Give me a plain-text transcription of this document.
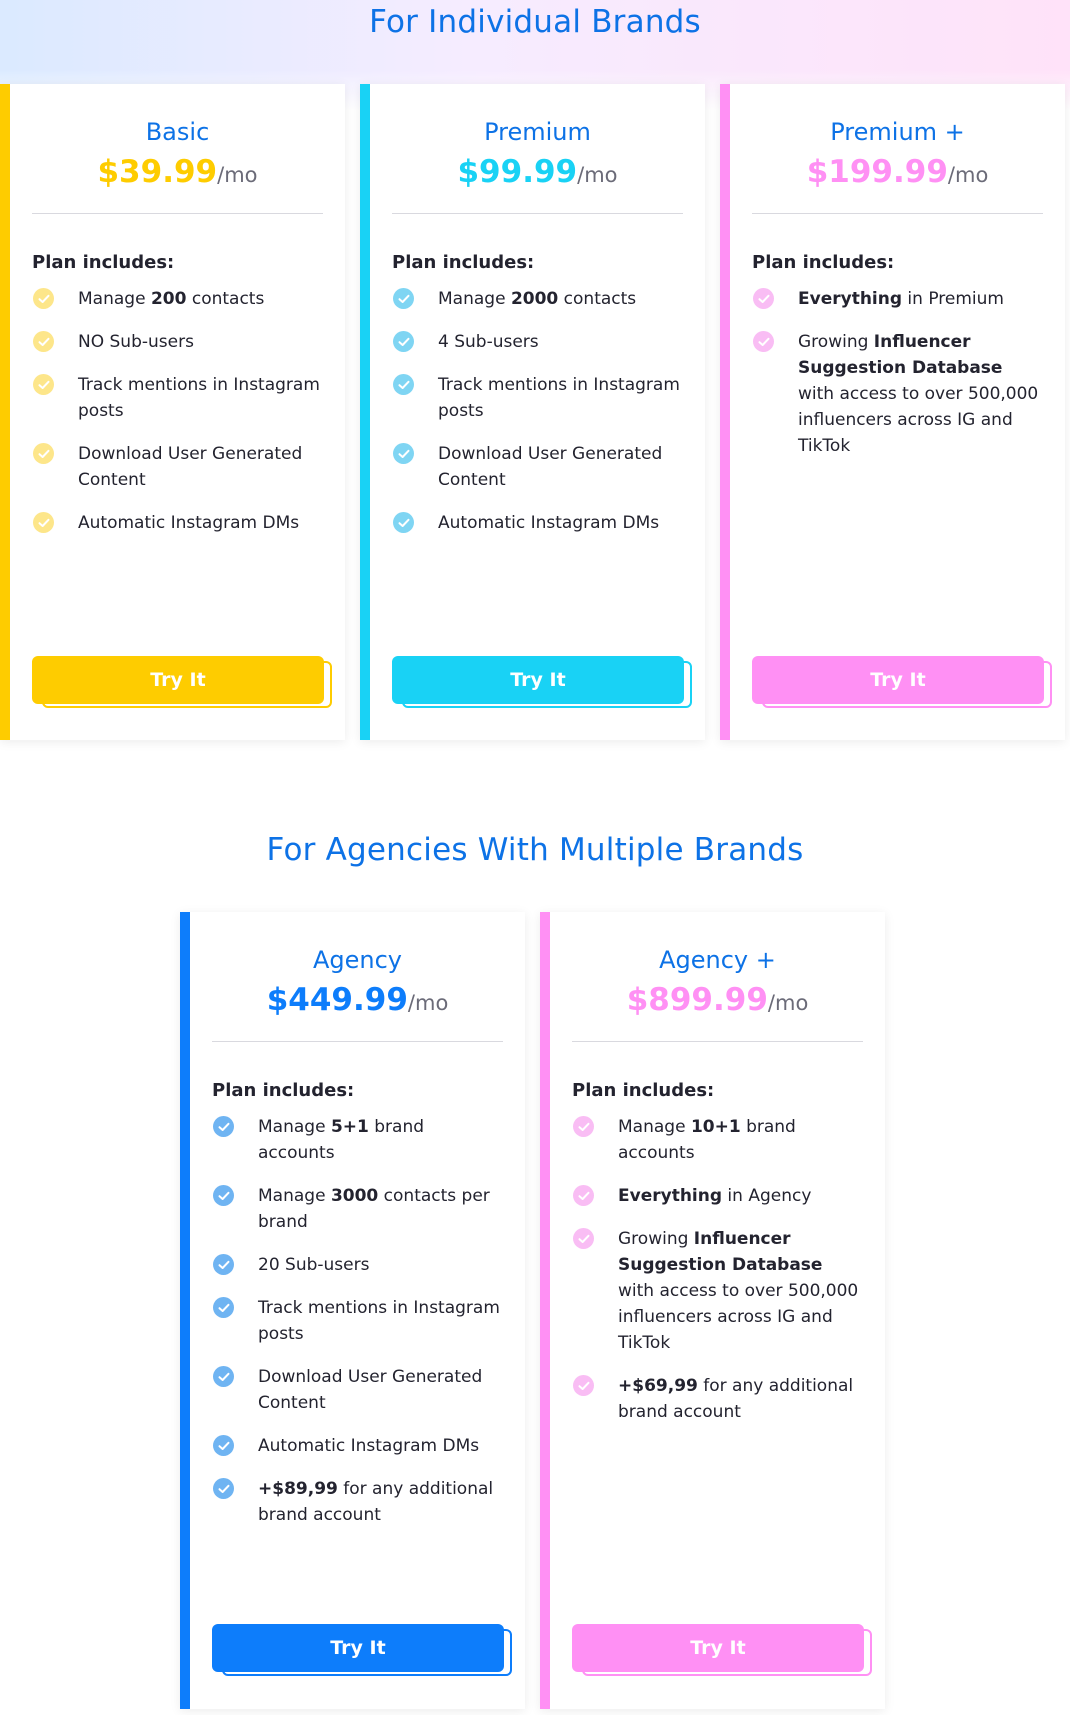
For Individual Brands
Basic
$39.99/mo
Plan includes:
Manage 200 contacts
NO Sub-users
Track mentions in Instagram posts
Download User Generated Content
Automatic Instagram DMs
Try It
Premium
$99.99/mo
Plan includes:
Manage 2000 contacts
4 Sub-users
Track mentions in Instagram posts
Download User Generated Content
Automatic Instagram DMs
Try It
Premium +
$199.99/mo
Plan includes:
Everything in Premium
Growing Influencer Suggestion Database with access to over 500,000 influencers across IG and TikTok
Try It
For Agencies With Multiple Brands
Agency
$449.99/mo
Plan includes:
Manage 5+1 brand accounts
Manage 3000 contacts per brand
20 Sub-users
Track mentions in Instagram posts
Download User Generated Content
Automatic Instagram DMs
+$89,99 for any additional brand account
Try It
Agency +
$899.99/mo
Plan includes:
Manage 10+1 brand accounts
Everything in Agency
Growing Influencer Suggestion Database with access to over 500,000 influencers across IG and TikTok
+$69,99 for any additional brand account
Try It
